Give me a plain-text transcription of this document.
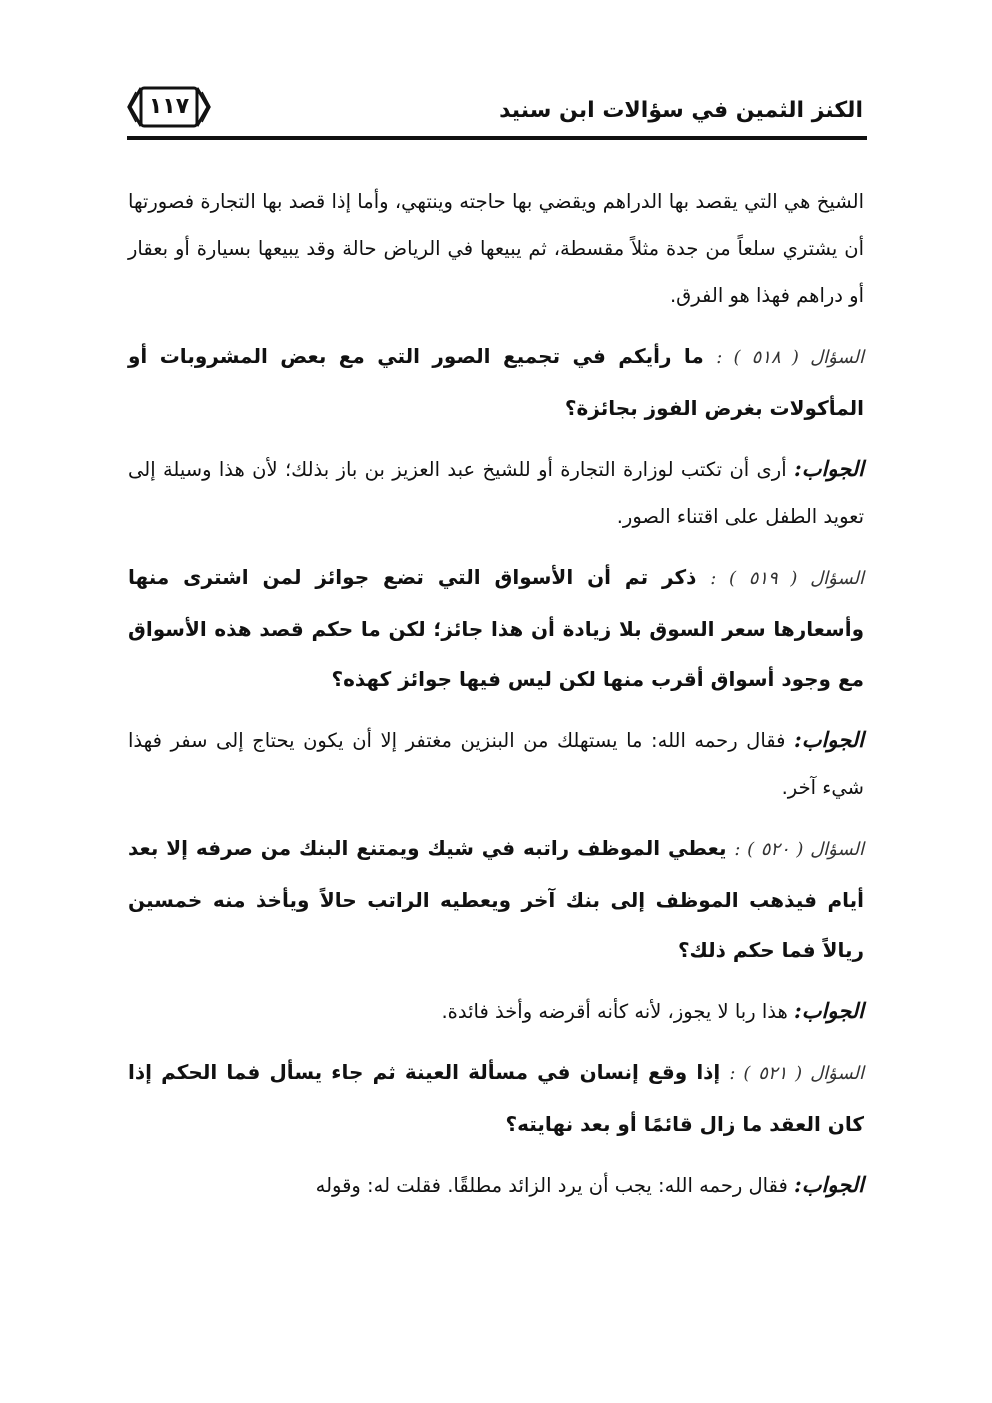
الكنز الثمين في سؤالات ابن سنيد
١١٧

الشيخ هي التي يقصد بها الدراهم ويقضي بها حاجته وينتهي، وأما إذا قصد بها التجارة فصورتها أن يشتري سلعاً من جدة مثلاً مقسطة، ثم يبيعها في الرياض حالة وقد يبيعها بسيارة أو بعقار أو دراهم فهذا هو الفرق.

السؤال ( ٥١٨ ) : ما رأيكم في تجميع الصور التي مع بعض المشروبات أو المأكولات بغرض الفوز بجائزة؟

الجواب: أرى أن تكتب لوزارة التجارة أو للشيخ عبد العزيز بن باز بذلك؛ لأن هذا وسيلة إلى تعويد الطفل على اقتناء الصور.

السؤال ( ٥١٩ ) : ذكر تم أن الأسواق التي تضع جوائز لمن اشترى منها وأسعارها سعر السوق بلا زيادة أن هذا جائز؛ لكن ما حكم قصد هذه الأسواق مع وجود أسواق أقرب منها لكن ليس فيها جوائز كهذه؟

الجواب: فقال رحمه الله: ما يستهلك من البنزين مغتفر إلا أن يكون يحتاج إلى سفر فهذا شيء آخر.

السؤال ( ٥٢٠ ) : يعطي الموظف راتبه في شيك ويمتنع البنك من صرفه إلا بعد أيام فيذهب الموظف إلى بنك آخر ويعطيه الراتب حالاً ويأخذ منه خمسين ريالاً فما حكم ذلك؟

الجواب: هذا ربا لا يجوز، لأنه كأنه أقرضه وأخذ فائدة.

السؤال ( ٥٢١ ) : إذا وقع إنسان في مسألة العينة ثم جاء يسأل فما الحكم إذا كان العقد ما زال قائمًا أو بعد نهايته؟

الجواب: فقال رحمه الله: يجب أن يرد الزائد مطلقًا. فقلت له: وقوله
